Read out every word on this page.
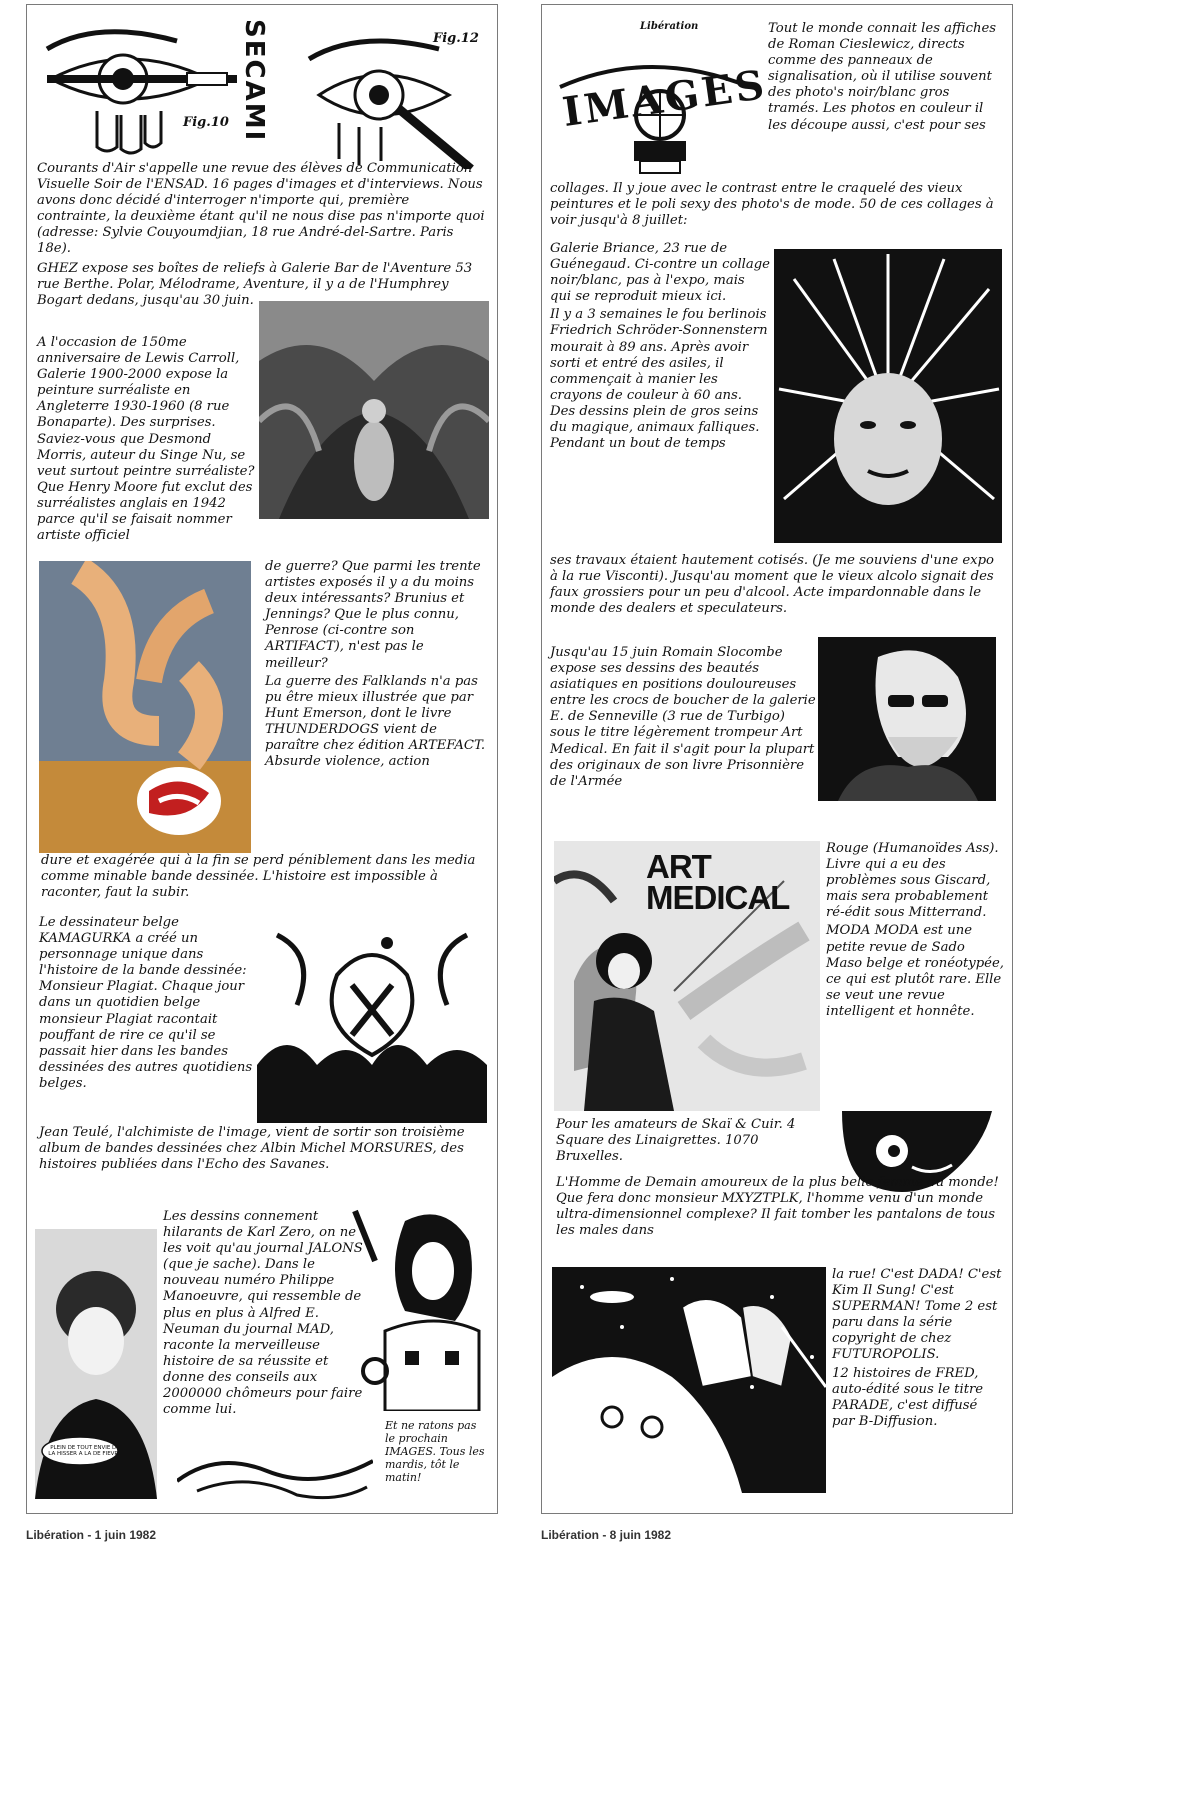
Fig.10 SECAMI	Fig.12

Courants d'Air s'appelle une revue des élèves de Communication Visuelle Soir de l'ENSAD. 16 pages d'images et d'interviews. Nous avons donc décidé d'interroger n'importe qui, première contrainte, la deuxième étant qu'il ne nous dise pas n'importe quoi (adresse: Sylvie Couyoumdjian, 18 rue André-del-Sartre. Paris 18e).

GHEZ expose ses boîtes de reliefs à Galerie Bar de l'Aventure 53 rue Berthe. Polar, Mélodrame, Aventure, il y a de l'Humphrey Bogart dedans, jusqu'au 30 juin.

A l'occasion de 150me anniversaire de Lewis Carroll, Galerie 1900-2000 expose la peinture surréaliste en Angleterre 1930-1960 (8 rue Bonaparte). Des surprises. Saviez-vous que Desmond Morris, auteur du Singe Nu, se veut surtout peintre surréaliste? Que Henry Moore fut exclut des surréalistes anglais en 1942 parce qu'il se faisait nommer artiste officiel

de guerre? Que parmi les trente artistes exposés il y a du moins deux intéressants? Brunius et Jennings? Que le plus connu, Penrose (ci-contre son ARTIFACT), n'est pas le meilleur?

La guerre des Falklands n'a pas pu être mieux illustrée que par Hunt Emerson, dont le livre THUNDERDOGS vient de paraître chez édition ARTEFACT. Absurde violence, action

dure et exagérée qui à la fin se perd péniblement dans les media comme minable bande dessinée. L'histoire est impossible à raconter, faut la subir.

Le dessinateur belge KAMAGURKA a créé un personnage unique dans l'histoire de la bande dessinée: Monsieur Plagiat. Chaque jour dans un quotidien belge monsieur Plagiat racontait pouffant de rire ce qu'il se passait hier dans les bandes dessinées des autres quotidiens belges.

Jean Teulé, l'alchimiste de l'image, vient de sortir son troisième album de bandes dessinées chez Albin Michel MORSURES, des histoires publiées dans l'Echo des Savanes.

PLEIN DE TOUT ENVIE DE LA HISSER A LA DE FIEVRE

Les dessins connement hilarants de Karl Zero, on ne les voit qu'au journal JALONS (que je sache). Dans le nouveau numéro Philippe Manoeuvre, qui ressemble de plus en plus à Alfred E. Neuman du journal MAD, raconte la merveilleuse histoire de sa réussite et donne des conseils aux 2000000 chômeurs pour faire comme lui.

Et ne ratons pas le prochain IMAGES. Tous les mardis, tôt le matin!

Libération
IMAGES

Tout le monde connait les affiches de Roman Cieslewicz, directs comme des panneaux de signalisation, où il utilise souvent des photo's noir/blanc gros tramés. Les photos en couleur il les découpe aussi, c'est pour ses

collages. Il y joue avec le contrast entre le craquelé des vieux peintures et le poli sexy des photo's de mode. 50 de ces collages à voir jusqu'à 8 juillet:

Galerie Briance, 23 rue de Guénegaud. Ci-contre un collage noir/blanc, pas à l'expo, mais qui se reproduit mieux ici.

Il y a 3 semaines le fou berlinois Friedrich Schröder-Sonnenstern mourait à 89 ans. Après avoir sorti et entré des asiles, il commençait à manier les crayons de couleur à 60 ans. Des dessins plein de gros seins du magique, animaux falliques. Pendant un bout de temps

ses travaux étaient hautement cotisés. (Je me souviens d'une expo à la rue Visconti). Jusqu'au moment que le vieux alcolo signait des faux grossiers pour un peu d'alcool. Acte impardonnable dans le monde des dealers et speculateurs.

Jusqu'au 15 juin Romain Slocombe expose ses dessins des beautés asiatiques en positions douloureuses entre les crocs de boucher de la galerie E. de Senneville (3 rue de Turbigo) sous le titre légèrement trompeur Art Medical. En fait il s'agit pour la plupart des originaux de son livre Prisonnière de l'Armée

ART MEDICAL

Rouge (Humanoïdes Ass). Livre qui a eu des problèmes sous Giscard, mais sera probablement ré-édit sous Mitterrand.

MODA MODA est une petite revue de Sado Maso belge et ronéotypée, ce qui est plutôt rare. Elle se veut une revue intelligent et honnête.

Pour les amateurs de Skaï & Cuir. 4 Square des Linaigrettes. 1070 Bruxelles.

L'Homme de Demain amoureux de la plus belle femme du monde! Que fera donc monsieur MXYZTPLK, l'homme venu d'un monde ultra-dimensionnel complexe? Il fait tomber les pantalons de tous les males dans

la rue! C'est DADA! C'est Kim Il Sung! C'est SUPERMAN! Tome 2 est paru dans la série copyright de chez FUTUROPOLIS.

12 histoires de FRED, auto-édité sous le titre PARADE, c'est diffusé par B-Diffusion.

Libération - 1 juin 1982	Libération - 8 juin 1982
